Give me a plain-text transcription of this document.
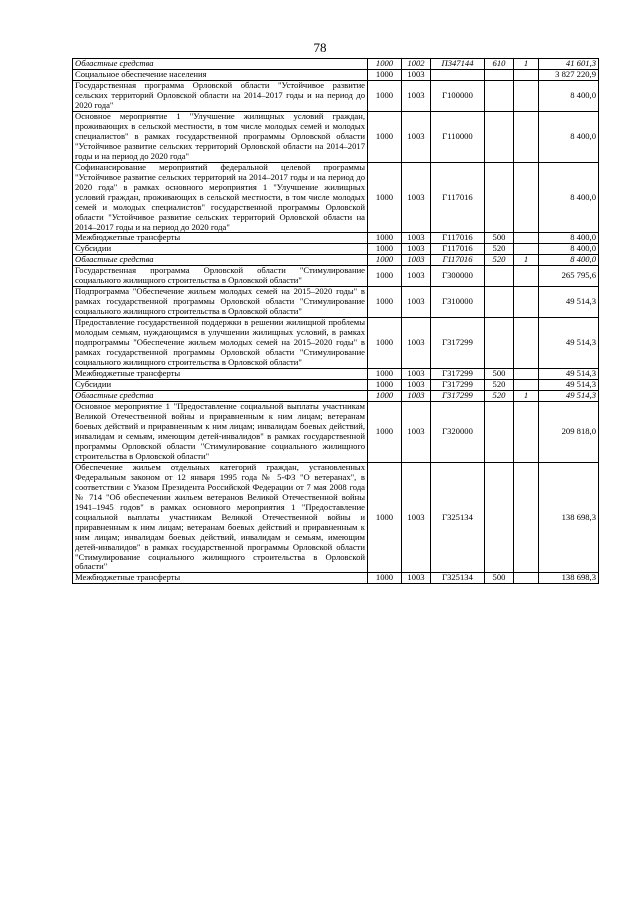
78
Областные средства	1000	1002	П347144	610	1	41 601,3
Социальное обеспечение населения	1000	1003				3 827 220,9
Государственная программа Орловской области "Устойчивое развитие сельских территорий Орловской области на 2014–2017 годы и на период до 2020 года"	1000	1003	Г100000			8 400,0
Основное мероприятие 1 "Улучшение жилищных условий граждан, проживающих в сельской местности, в том числе молодых семей и молодых специалистов" в рамках государственной программы Орловской области "Устойчивое развитие сельских территорий Орловской области на 2014–2017 годы и на период до 2020 года"	1000	1003	Г110000			8 400,0
Софинансирование мероприятий федеральной целевой программы "Устойчивое развитие сельских территорий на 2014–2017 годы и на период до 2020 года" в рамках основного мероприятия 1 "Улучшение жилищных условий граждан, проживающих в сельской местности, в том числе молодых семей и молодых специалистов" государственной программы Орловской области "Устойчивое развитие сельских территорий Орловской области на 2014–2017 годы и на период до 2020 года"	1000	1003	Г117016			8 400,0
Межбюджетные трансферты	1000	1003	Г117016	500		8 400,0
Субсидии	1000	1003	Г117016	520		8 400,0
Областные средства	1000	1003	Г117016	520	1	8 400,0
Государственная программа Орловской области "Стимулирование социального жилищного строительства в Орловской области"	1000	1003	Г300000			265 795,6
Подпрограмма "Обеспечение жильем молодых семей на 2015–2020 годы" в рамках государственной программы Орловской области "Стимулирование социального жилищного строительства в Орловской области"	1000	1003	Г310000			49 514,3
Предоставление государственной поддержки в решении жилищной проблемы молодым семьям, нуждающимся в улучшении жилищных условий, в рамках подпрограммы "Обеспечение жильем молодых семей на 2015–2020 годы" в рамках государственной программы Орловской области "Стимулирование социального жилищного строительства в Орловской области"	1000	1003	Г317299			49 514,3
Межбюджетные трансферты	1000	1003	Г317299	500		49 514,3
Субсидии	1000	1003	Г317299	520		49 514,3
Областные средства	1000	1003	Г317299	520	1	49 514,3
Основное мероприятие 1 "Предоставление социальной выплаты участникам Великой Отечественной войны и приравненным к ним лицам; ветеранам боевых действий и приравненным к ним лицам; инвалидам боевых действий, инвалидам и семьям, имеющим детей-инвалидов" в рамках государственной программы Орловской области "Стимулирование социального жилищного строительства в Орловской области"	1000	1003	Г320000			209 818,0
Обеспечение жильем отдельных категорий граждан, установленных Федеральным законом от 12 января 1995 года № 5-ФЗ "О ветеранах", в соответствии с Указом Президента Российской Федерации от 7 мая 2008 года № 714 "Об обеспечении жильем ветеранов Великой Отечественной войны 1941–1945 годов" в рамках основного мероприятия 1 "Предоставление социальной выплаты участникам Великой Отечественной войны и приравненным к ним лицам; ветеранам боевых действий и приравненным к ним лицам; инвалидам боевых действий, инвалидам и семьям, имеющим детей-инвалидов" в рамках государственной программы Орловской области "Стимулирование социального жилищного строительства в Орловской области"	1000	1003	Г325134			138 698,3
Межбюджетные трансферты	1000	1003	Г325134	500		138 698,3
